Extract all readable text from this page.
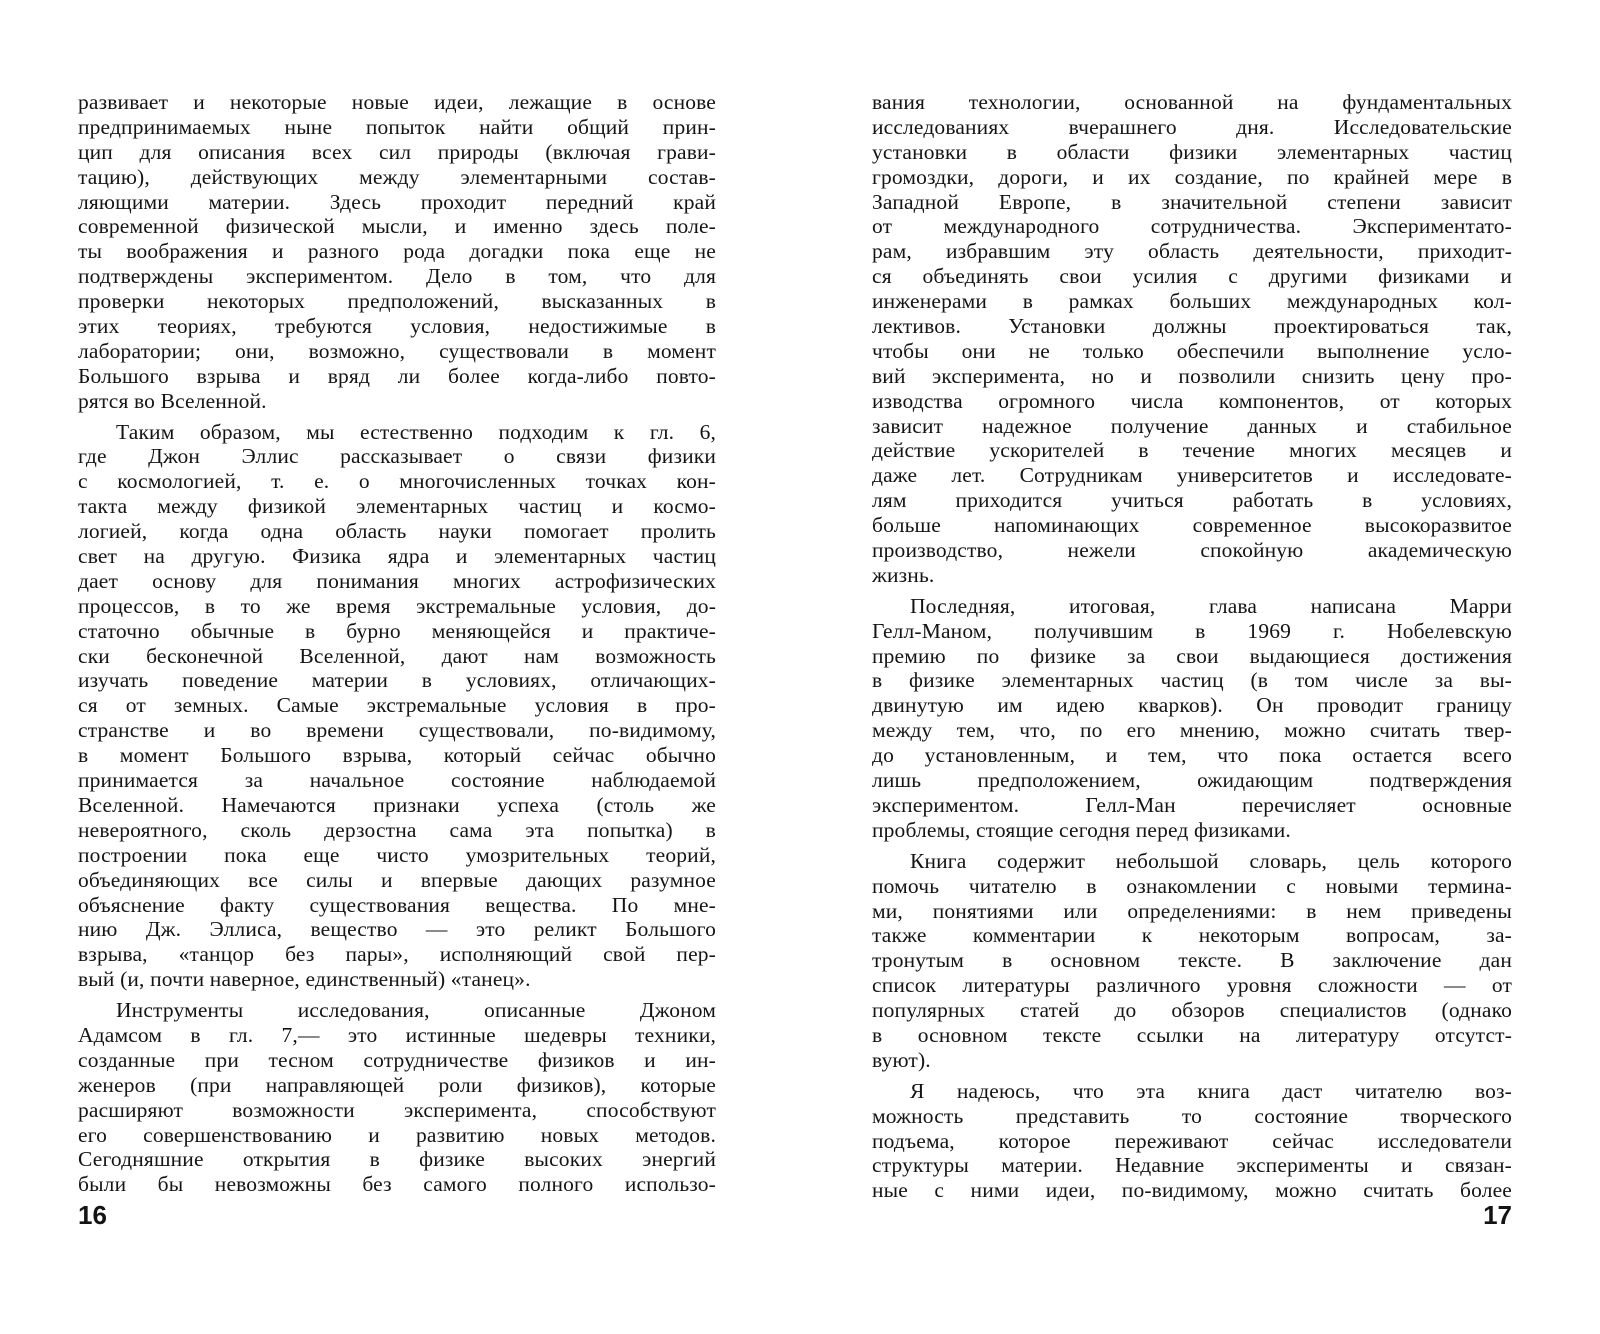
развивает и некоторые новые идеи, лежащие в основе
предпринимаемых ныне попыток найти общий прин-
цип для описания всех сил природы (включая грави-
тацию), действующих между элементарными состав-
ляющими материи. Здесь проходит передний край
современной физической мысли, и именно здесь поле-
ты воображения и разного рода догадки пока еще не
подтверждены экспериментом. Дело в том, что для
проверки некоторых предположений, высказанных в
этих теориях, требуются условия, недостижимые в
лаборатории; они, возможно, существовали в момент
Большого взрыва и вряд ли более когда-либо повто-
рятся во Вселенной.
Таким образом, мы естественно подходим к гл. 6,
где Джон Эллис рассказывает о связи физики
с космологией, т. е. о многочисленных точках кон-
такта между физикой элементарных частиц и космо-
логией, когда одна область науки помогает пролить
свет на другую. Физика ядра и элементарных частиц
дает основу для понимания многих астрофизических
процессов, в то же время экстремальные условия, до-
статочно обычные в бурно меняющейся и практиче-
ски бесконечной Вселенной, дают нам возможность
изучать поведение материи в условиях, отличающих-
ся от земных. Самые экстремальные условия в про-
странстве и во времени существовали, по-видимому,
в момент Большого взрыва, который сейчас обычно
принимается за начальное состояние наблюдаемой
Вселенной. Намечаются признаки успеха (столь же
невероятного, сколь дерзостна сама эта попытка) в
построении пока еще чисто умозрительных теорий,
объединяющих все силы и впервые дающих разумное
объяснение факту существования вещества. По мне-
нию Дж. Эллиса, вещество — это реликт Большого
взрыва, «танцор без пары», исполняющий свой пер-
вый (и, почти наверное, единственный) «танец».
Инструменты исследования, описанные Джоном
Адамсом в гл. 7,— это истинные шедевры техники,
созданные при тесном сотрудничестве физиков и ин-
женеров (при направляющей роли физиков), которые
расширяют возможности эксперимента, способствуют
его совершенствованию и развитию новых методов.
Сегодняшние открытия в физике высоких энергий
были бы невозможны без самого полного использо-
16
вания технологии, основанной на фундаментальных
исследованиях вчерашнего дня. Исследовательские
установки в области физики элементарных частиц
громоздки, дороги, и их создание, по крайней мере в
Западной Европе, в значительной степени зависит
от международного сотрудничества. Экспериментато-
рам, избравшим эту область деятельности, приходит-
ся объединять свои усилия с другими физиками и
инженерами в рамках больших международных кол-
лективов. Установки должны проектироваться так,
чтобы они не только обеспечили выполнение усло-
вий эксперимента, но и позволили снизить цену про-
изводства огромного числа компонентов, от которых
зависит надежное получение данных и стабильное
действие ускорителей в течение многих месяцев и
даже лет. Сотрудникам университетов и исследовате-
лям приходится учиться работать в условиях,
больше напоминающих современное высокоразвитое
производство, нежели спокойную академическую
жизнь.
Последняя, итоговая, глава написана Марри
Гелл-Маном, получившим в 1969 г. Нобелевскую
премию по физике за свои выдающиеся достижения
в физике элементарных частиц (в том числе за вы-
двинутую им идею кварков). Он проводит границу
между тем, что, по его мнению, можно считать твер-
до установленным, и тем, что пока остается всего
лишь предположением, ожидающим подтверждения
экспериментом. Гелл-Ман перечисляет основные
проблемы, стоящие сегодня перед физиками.
Книга содержит небольшой словарь, цель которого
помочь читателю в ознакомлении с новыми термина-
ми, понятиями или определениями: в нем приведены
также комментарии к некоторым вопросам, за-
тронутым в основном тексте. В заключение дан
список литературы различного уровня сложности — от
популярных статей до обзоров специалистов (однако
в основном тексте ссылки на литературу отсутст-
вуют).
Я надеюсь, что эта книга даст читателю воз-
можность представить то состояние творческого
подъема, которое переживают сейчас исследователи
структуры материи. Недавние эксперименты и связан-
ные с ними идеи, по-видимому, можно считать более
17
